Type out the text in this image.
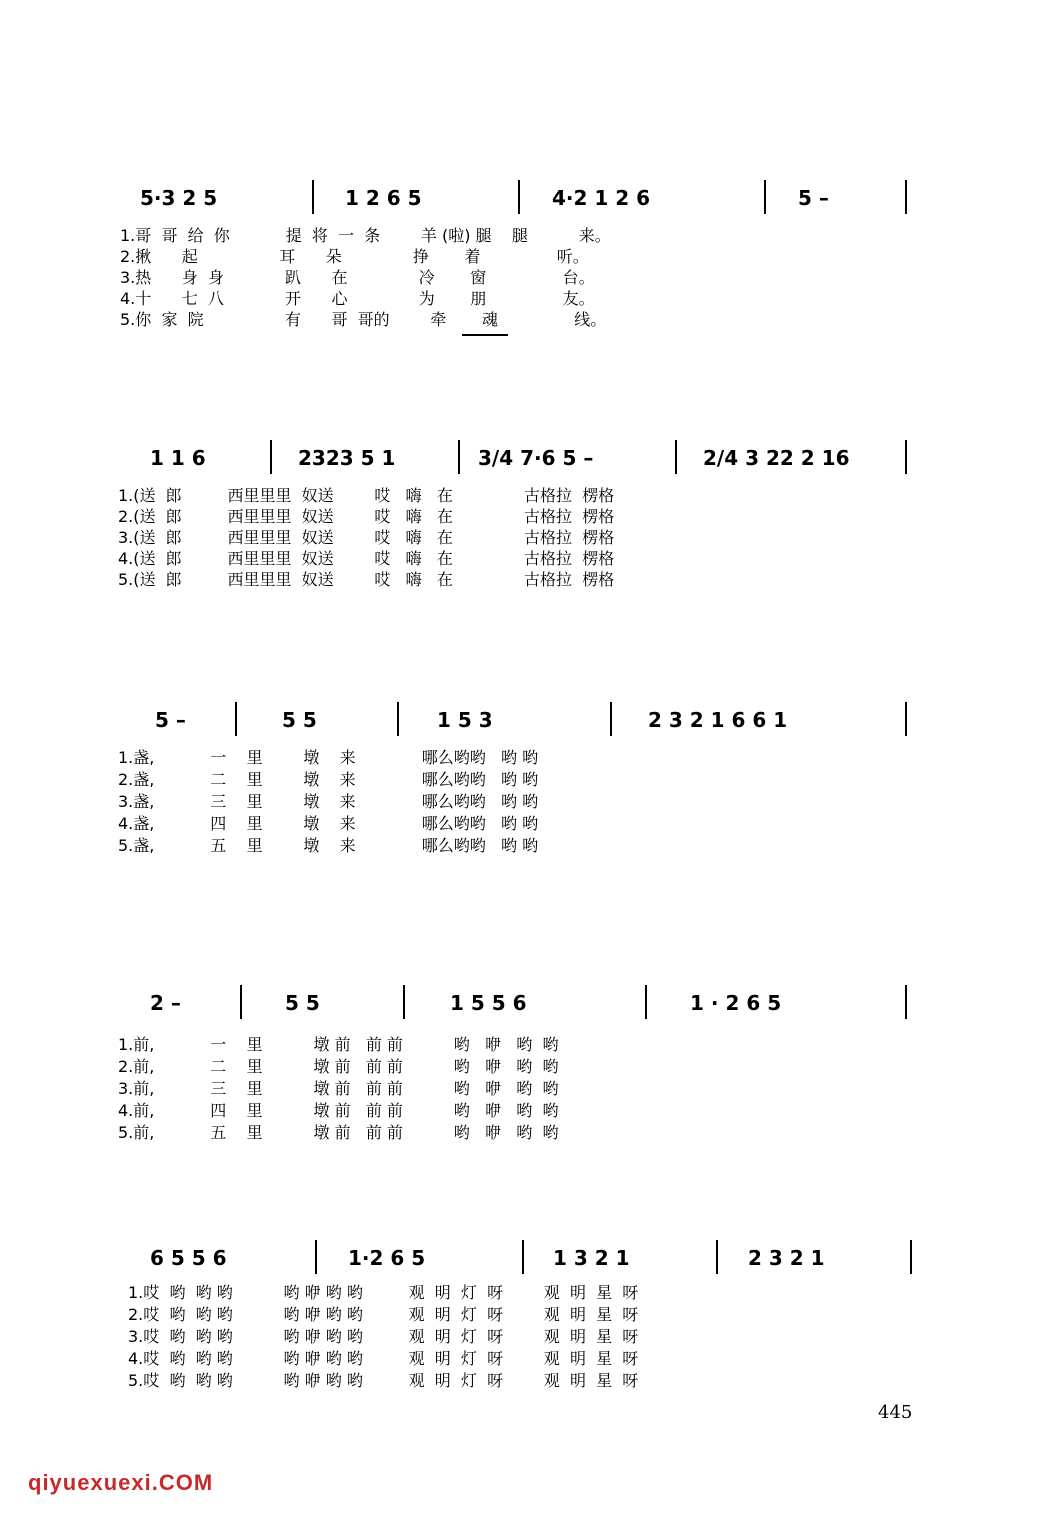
5·3 2 5	1 2 6 5	4·2 1 2 6	5 –
1.哥  哥  给  你           提  将  一  条        羊 (啦) 腿    腿          来。
2.揪      起                耳      朵              挣       着               听。
3.热      身  身            趴      在              冷       窗               台。
4.十      七  八            开      心              为       朋               友。
5.你  家  院                有      哥  哥的        牵       魂               线。
1 1 6	2323 5 1	3/4 7·6 5 –	2/4 3 22 2 16
1.(送  郎         西里里里  奴送        哎   嗨   在              古格拉  楞格
2.(送  郎         西里里里  奴送        哎   嗨   在              古格拉  楞格
3.(送  郎         西里里里  奴送        哎   嗨   在              古格拉  楞格
4.(送  郎         西里里里  奴送        哎   嗨   在              古格拉  楞格
5.(送  郎         西里里里  奴送        哎   嗨   在              古格拉  楞格
5 –	5 5	1 5 3	2 3 2 1 6 6 1
1.盏,           一    里        墩    来             哪么哟哟   哟 哟
2.盏,           二    里        墩    来             哪么哟哟   哟 哟
3.盏,           三    里        墩    来             哪么哟哟   哟 哟
4.盏,           四    里        墩    来             哪么哟哟   哟 哟
5.盏,           五    里        墩    来             哪么哟哟   哟 哟
2 –	5 5	1 5 5 6	1 · 2 6 5
1.前,           一    里          墩 前   前 前          哟   咿   哟  哟
2.前,           二    里          墩 前   前 前          哟   咿   哟  哟
3.前,           三    里          墩 前   前 前          哟   咿   哟  哟
4.前,           四    里          墩 前   前 前          哟   咿   哟  哟
5.前,           五    里          墩 前   前 前          哟   咿   哟  哟
6 5 5 6	1·2 6 5	1 3 2 1	2 3 2 1
1.哎  哟  哟 哟          哟 咿 哟 哟         观  明  灯  呀        观  明  星  呀
2.哎  哟  哟 哟          哟 咿 哟 哟         观  明  灯  呀        观  明  星  呀
3.哎  哟  哟 哟          哟 咿 哟 哟         观  明  灯  呀        观  明  星  呀
4.哎  哟  哟 哟          哟 咿 哟 哟         观  明  灯  呀        观  明  星  呀
5.哎  哟  哟 哟          哟 咿 哟 哟         观  明  灯  呀        观  明  星  呀
445
qiyuexuexi.COM
